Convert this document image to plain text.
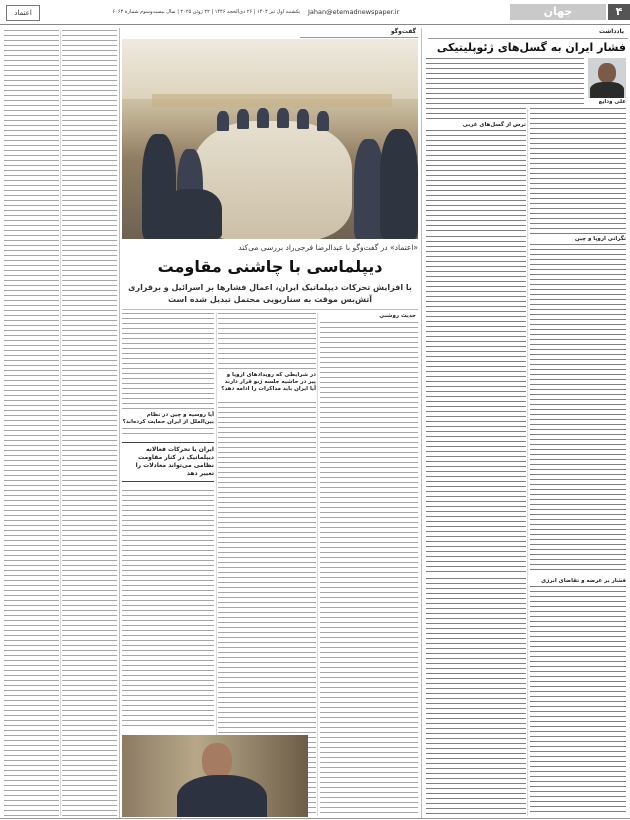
۴
جهان
Jahan@etemadnewspaper.ir
یکشنبه اول تیر ۱۴۰۴ | ۲۶ ذی‌الحجه ۱۴۴۶ | ۲۲ ژوئن ۲۰۲۵ | سال بیست‌وسوم شماره ۶۰۶۴
اعتماد
یادداشت
فشار ایران به گسل‌های ژئوپلیتیکی
علی ودایع
ترس از گسل‌های غربی
نگرانی اروپا و چین
فشار بر عرضه و تقاضای انرژی
گفت‌وگو
«اعتماد» در گفت‌وگو با عبدالرضا فرجی‌راد بررسی می‌کند
دیپلماسی با چاشنی مقاومت
با افزایش تحرکات دیپلماتیک ایران، اعمال فشارها بر اسرائیل و برقراری
آتش‌بس موقت به سناریویی محتمل تبدیل شده است
حدیث روشنی
در شرایطی که رویدادهای اروپا و پیر در حاشیه جلسه ژنو قرار دارند آیا ایران باید مذاکرات را ادامه دهد؟
آیا روسیه و چین در نظام بین‌الملل از ایران حمایت کرده‌اند؟
ایران با تحرکات فعالانه دیپلماتیک در کنار مقاومت نظامی می‌تواند معادلات را تغییر دهد
